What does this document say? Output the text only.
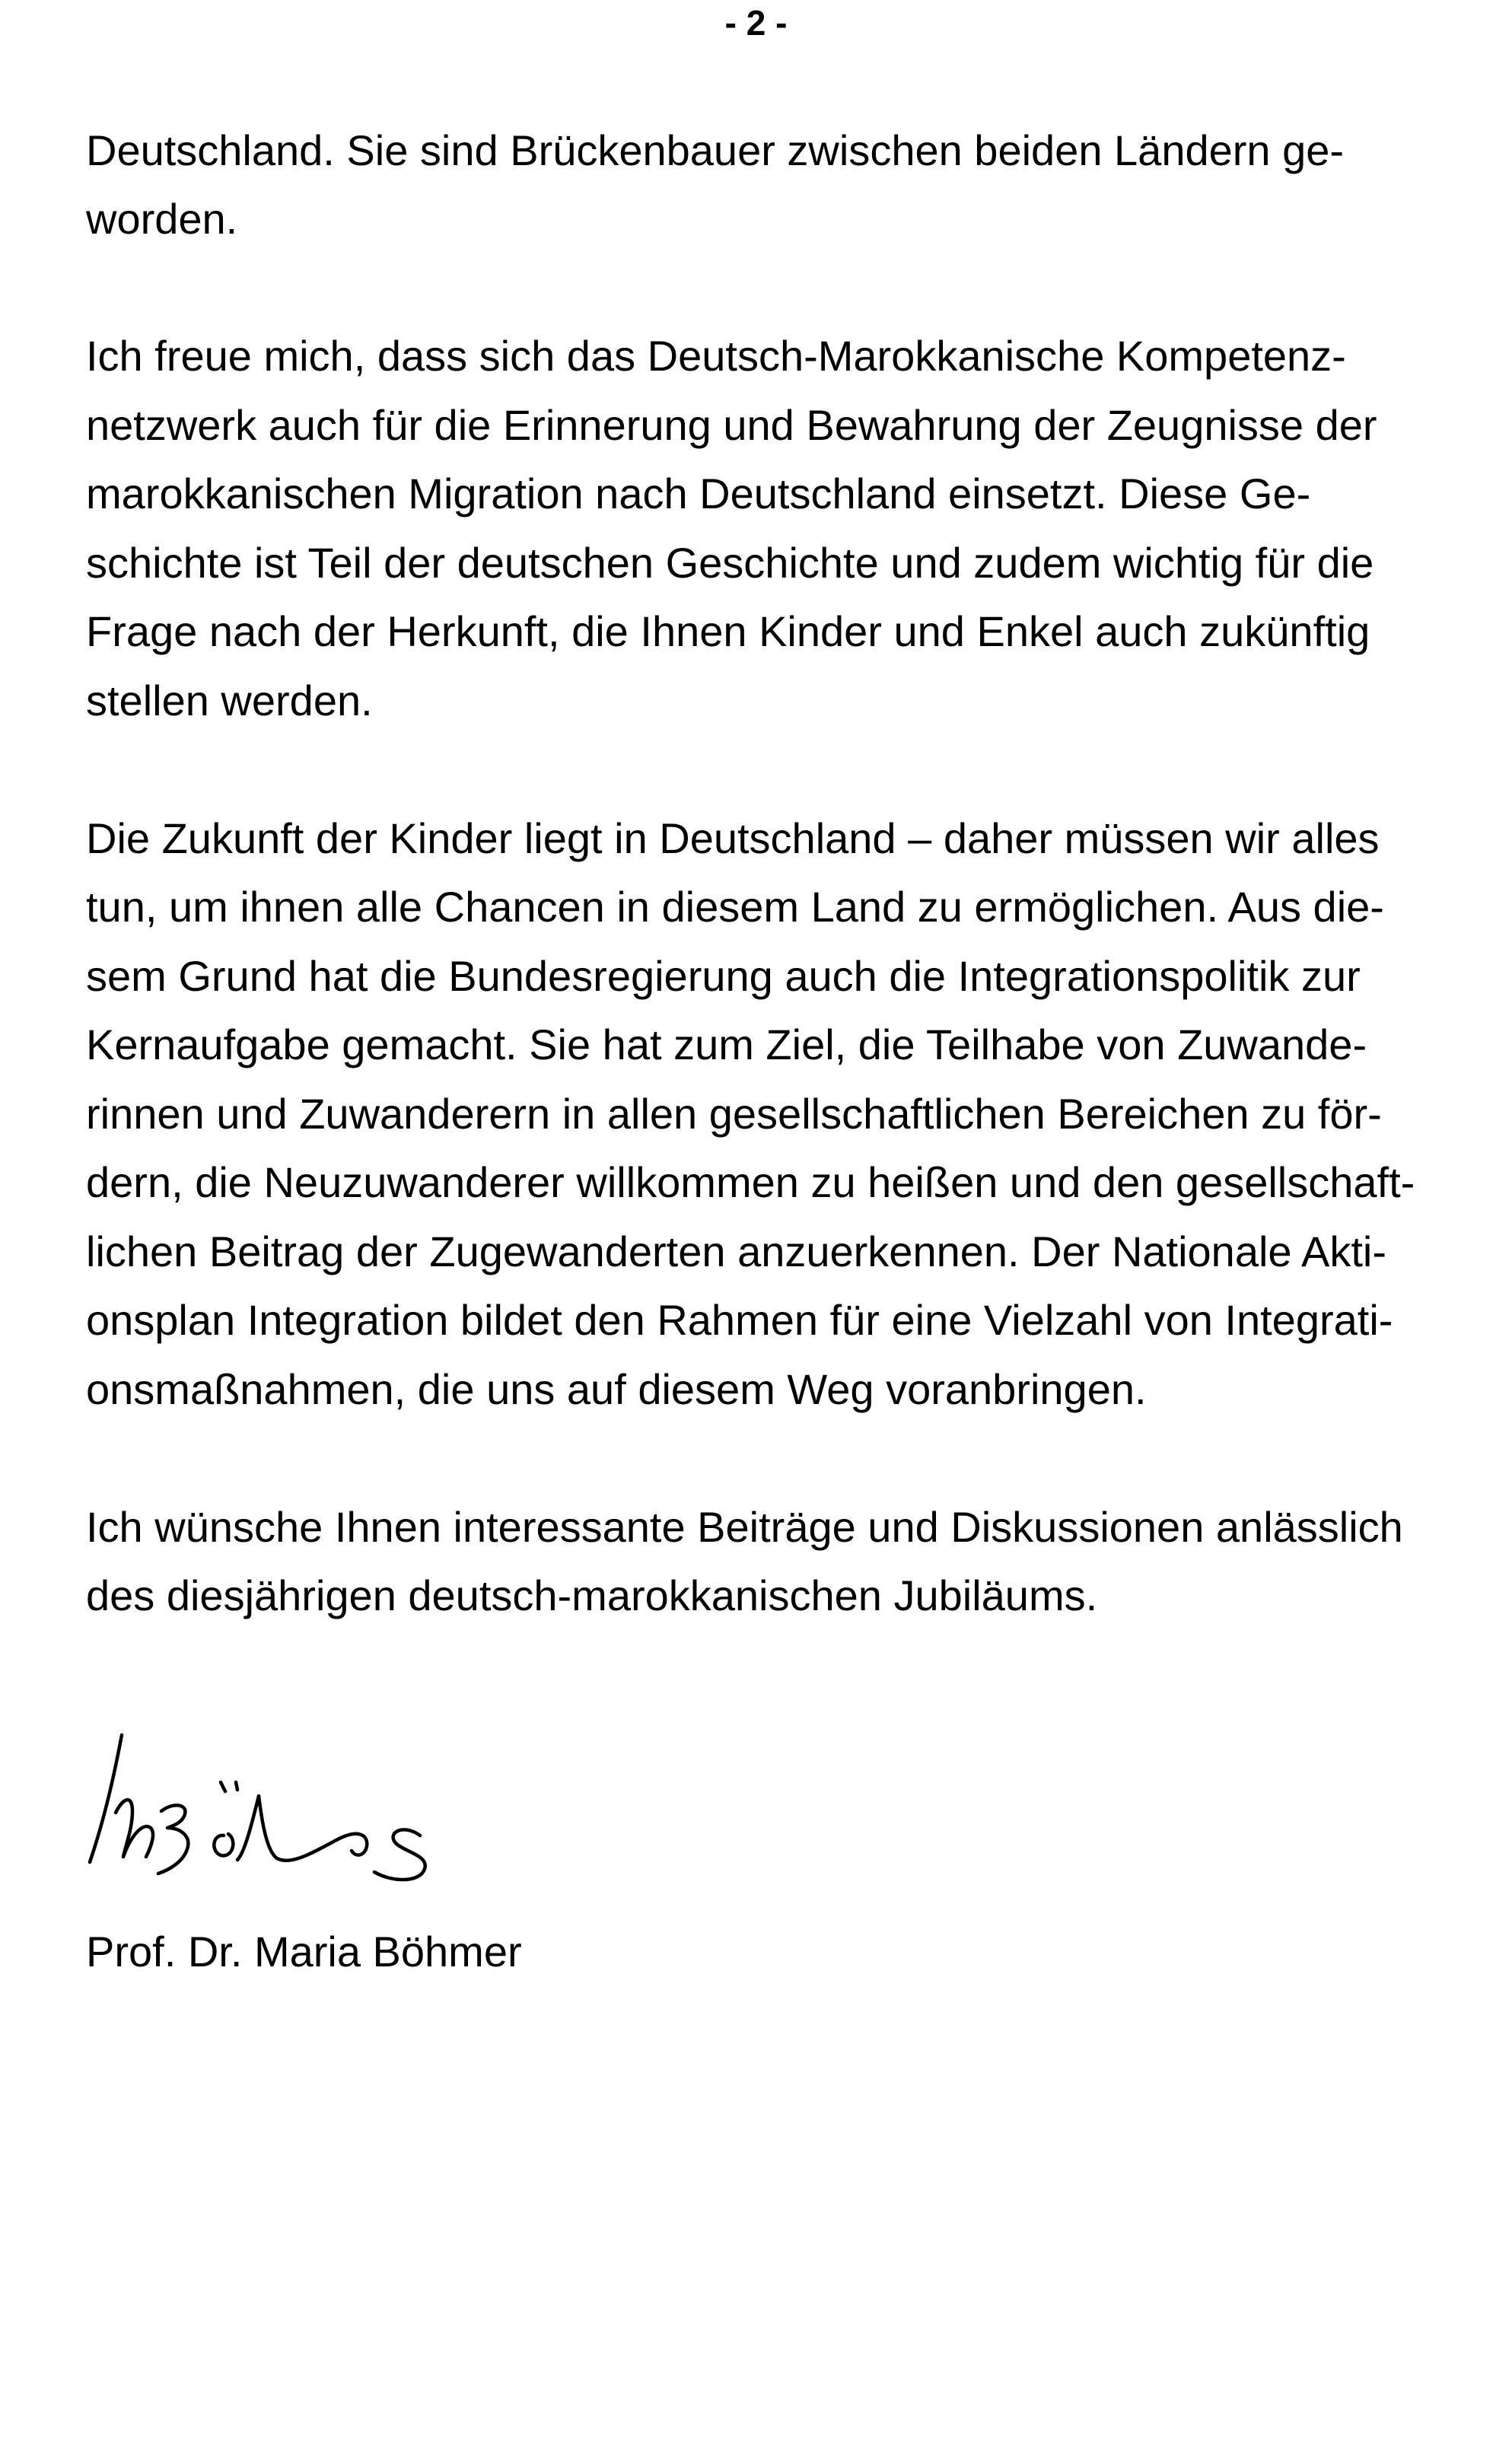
- 2 -
Deutschland. Sie sind Brückenbauer zwischen beiden Ländern ge-
worden.
Ich freue mich, dass sich das Deutsch-Marokkanische Kompetenz-
netzwerk auch für die Erinnerung und Bewahrung der Zeugnisse der
marokkanischen Migration nach Deutschland einsetzt. Diese Ge-
schichte ist Teil der deutschen Geschichte und zudem wichtig für die
Frage nach der Herkunft, die Ihnen Kinder und Enkel auch zukünftig
stellen werden.
Die Zukunft der Kinder liegt in Deutschland – daher müssen wir alles
tun, um ihnen alle Chancen in diesem Land zu ermöglichen. Aus die-
sem Grund hat die Bundesregierung auch die Integrationspolitik zur
Kernaufgabe gemacht. Sie hat zum Ziel, die Teilhabe von Zuwande-
rinnen und Zuwanderern in allen gesellschaftlichen Bereichen zu för-
dern, die Neuzuwanderer willkommen zu heißen und den gesellschaft-
lichen Beitrag der Zugewanderten anzuerkennen. Der Nationale Akti-
onsplan Integration bildet den Rahmen für eine Vielzahl von Integrati-
onsmaßnahmen, die uns auf diesem Weg voranbringen.
Ich wünsche Ihnen interessante Beiträge und Diskussionen anlässlich
des diesjährigen deutsch-marokkanischen Jubiläums.
Prof. Dr. Maria Böhmer
